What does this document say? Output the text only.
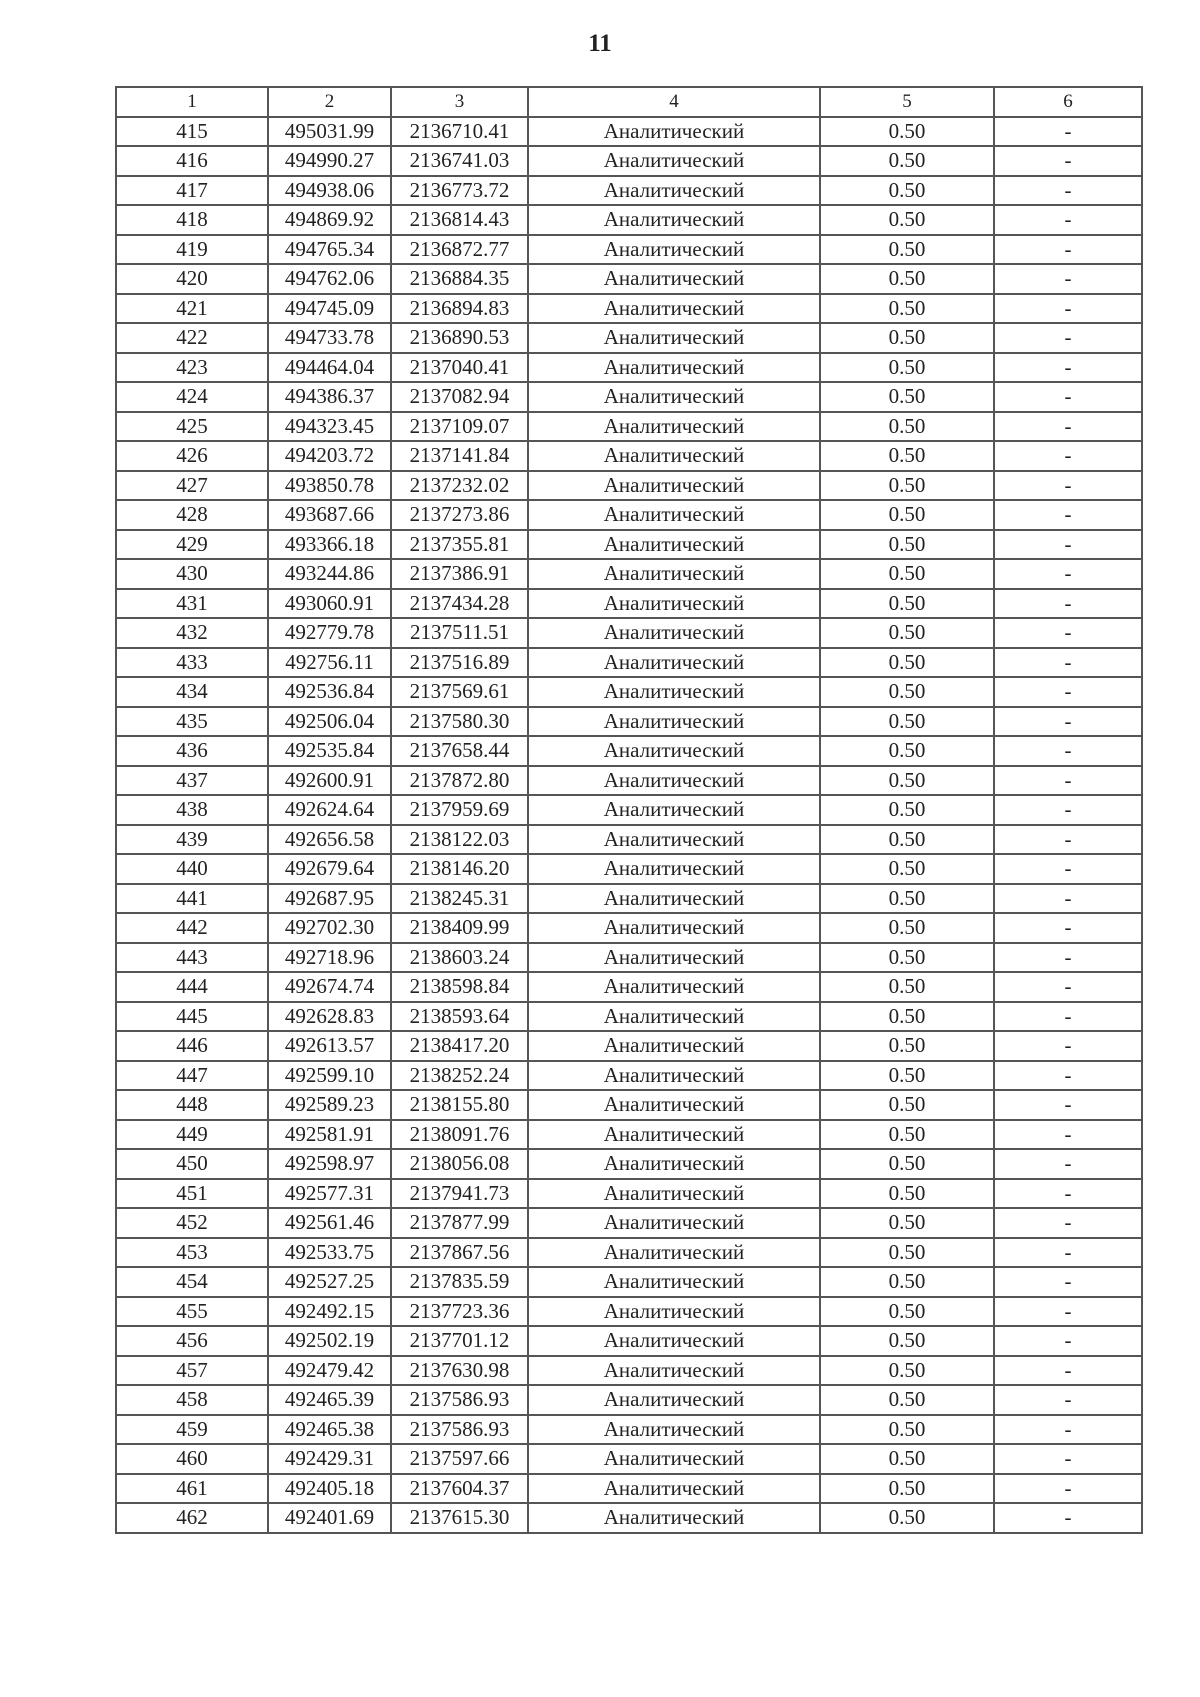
11
1	2	3	4	5	6
415	495031.99	2136710.41	Аналитический	0.50	-
416	494990.27	2136741.03	Аналитический	0.50	-
417	494938.06	2136773.72	Аналитический	0.50	-
418	494869.92	2136814.43	Аналитический	0.50	-
419	494765.34	2136872.77	Аналитический	0.50	-
420	494762.06	2136884.35	Аналитический	0.50	-
421	494745.09	2136894.83	Аналитический	0.50	-
422	494733.78	2136890.53	Аналитический	0.50	-
423	494464.04	2137040.41	Аналитический	0.50	-
424	494386.37	2137082.94	Аналитический	0.50	-
425	494323.45	2137109.07	Аналитический	0.50	-
426	494203.72	2137141.84	Аналитический	0.50	-
427	493850.78	2137232.02	Аналитический	0.50	-
428	493687.66	2137273.86	Аналитический	0.50	-
429	493366.18	2137355.81	Аналитический	0.50	-
430	493244.86	2137386.91	Аналитический	0.50	-
431	493060.91	2137434.28	Аналитический	0.50	-
432	492779.78	2137511.51	Аналитический	0.50	-
433	492756.11	2137516.89	Аналитический	0.50	-
434	492536.84	2137569.61	Аналитический	0.50	-
435	492506.04	2137580.30	Аналитический	0.50	-
436	492535.84	2137658.44	Аналитический	0.50	-
437	492600.91	2137872.80	Аналитический	0.50	-
438	492624.64	2137959.69	Аналитический	0.50	-
439	492656.58	2138122.03	Аналитический	0.50	-
440	492679.64	2138146.20	Аналитический	0.50	-
441	492687.95	2138245.31	Аналитический	0.50	-
442	492702.30	2138409.99	Аналитический	0.50	-
443	492718.96	2138603.24	Аналитический	0.50	-
444	492674.74	2138598.84	Аналитический	0.50	-
445	492628.83	2138593.64	Аналитический	0.50	-
446	492613.57	2138417.20	Аналитический	0.50	-
447	492599.10	2138252.24	Аналитический	0.50	-
448	492589.23	2138155.80	Аналитический	0.50	-
449	492581.91	2138091.76	Аналитический	0.50	-
450	492598.97	2138056.08	Аналитический	0.50	-
451	492577.31	2137941.73	Аналитический	0.50	-
452	492561.46	2137877.99	Аналитический	0.50	-
453	492533.75	2137867.56	Аналитический	0.50	-
454	492527.25	2137835.59	Аналитический	0.50	-
455	492492.15	2137723.36	Аналитический	0.50	-
456	492502.19	2137701.12	Аналитический	0.50	-
457	492479.42	2137630.98	Аналитический	0.50	-
458	492465.39	2137586.93	Аналитический	0.50	-
459	492465.38	2137586.93	Аналитический	0.50	-
460	492429.31	2137597.66	Аналитический	0.50	-
461	492405.18	2137604.37	Аналитический	0.50	-
462	492401.69	2137615.30	Аналитический	0.50	-
